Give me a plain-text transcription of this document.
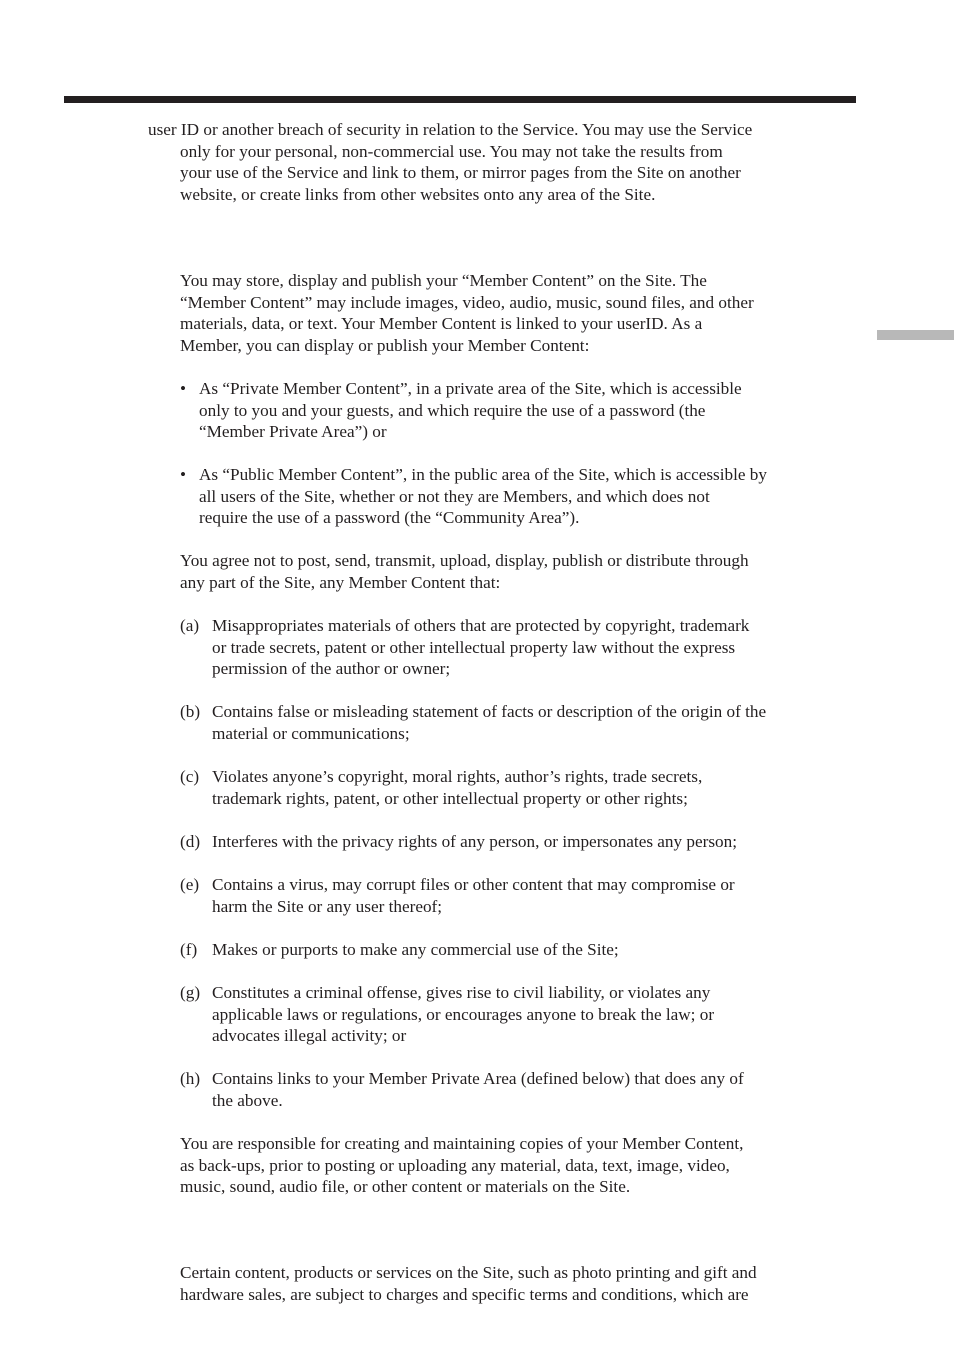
user ID or another breach of security in relation to the Service. You may use the Service
only for your personal, non-commercial use. You may not take the results from
your use of the Service and link to them, or mirror pages from the Site on another
website, or create links from other websites onto any area of the Site.
You may store, display and publish your “Member Content” on the Site. The
“Member Content” may include images, video, audio, music, sound files, and other
materials, data, or text. Your Member Content is linked to your userID. As a
Member, you can display or publish your Member Content:
• As “Private Member Content”, in a private area of the Site, which is accessible
only to you and your guests, and which require the use of a password (the
“Member Private Area”) or
• As “Public Member Content”, in the public area of the Site, which is accessible by
all users of the Site, whether or not they are Members, and which does not
require the use of a password (the “Community Area”).
You agree not to post, send, transmit, upload, display, publish or distribute through
any part of the Site, any Member Content that:
(a) Misappropriates materials of others that are protected by copyright, trademark
or trade secrets, patent or other intellectual property law without the express
permission of the author or owner;
(b) Contains false or misleading statement of facts or description of the origin of the
material or communications;
(c) Violates anyone’s copyright, moral rights, author’s rights, trade secrets,
trademark rights, patent, or other intellectual property or other rights;
(d) Interferes with the privacy rights of any person, or impersonates any person;
(e) Contains a virus, may corrupt files or other content that may compromise or
harm the Site or any user thereof;
(f) Makes or purports to make any commercial use of the Site;
(g) Constitutes a criminal offense, gives rise to civil liability, or violates any
applicable laws or regulations, or encourages anyone to break the law; or
advocates illegal activity; or
(h) Contains links to your Member Private Area (defined below) that does any of
the above.
You are responsible for creating and maintaining copies of your Member Content,
as back-ups, prior to posting or uploading any material, data, text, image, video,
music, sound, audio file, or other content or materials on the Site.
Certain content, products or services on the Site, such as photo printing and gift and
hardware sales, are subject to charges and specific terms and conditions, which are
